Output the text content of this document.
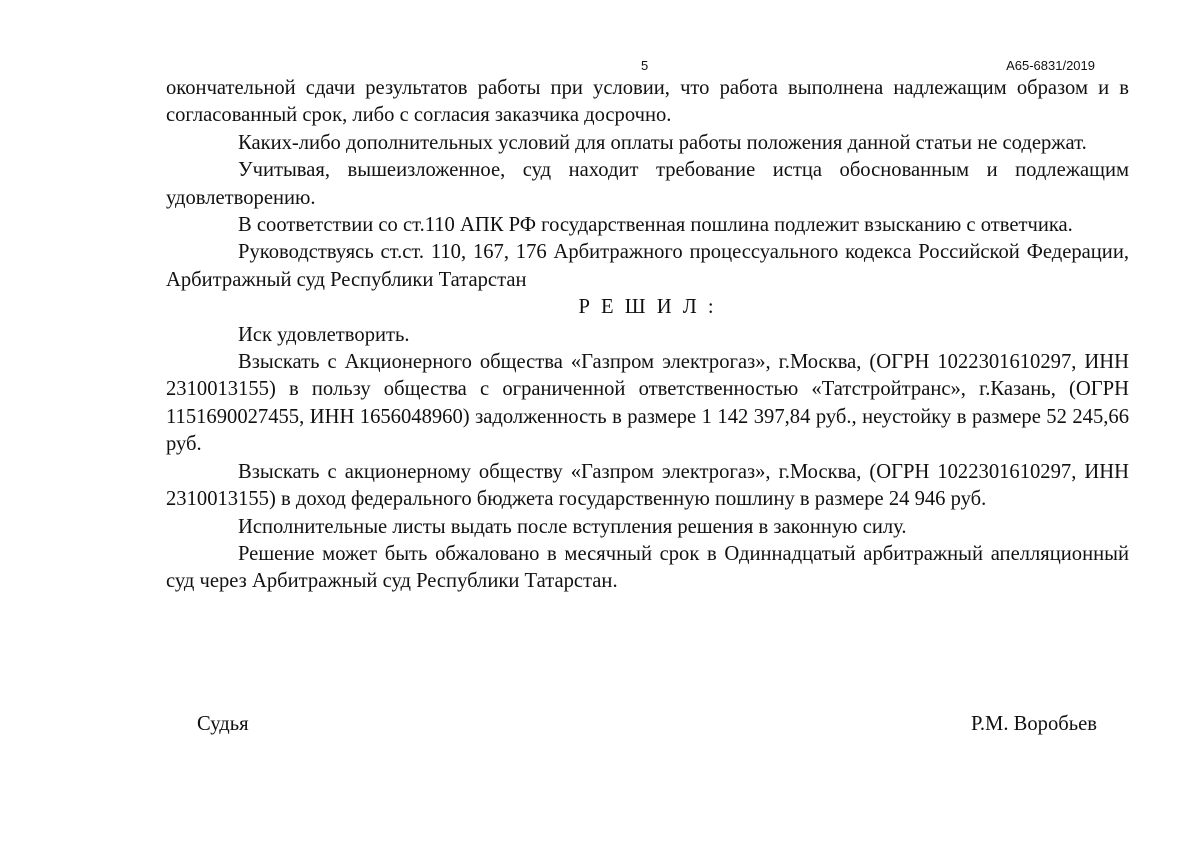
5	А65-6831/2019

окончательной сдачи результатов работы при условии, что работа выполнена надлежащим образом и в согласованный срок, либо с согласия заказчика досрочно.

Каких-либо дополнительных условий для оплаты работы положения данной статьи не содержат.

Учитывая, вышеизложенное, суд находит требование истца обоснованным и подлежащим удовлетворению.

В соответствии со ст.110 АПК РФ государственная пошлина подлежит взысканию с ответчика.

Руководствуясь ст.ст. 110, 167, 176 Арбитражного процессуального кодекса Российской Федерации, Арбитражный суд Республики Татарстан

Р Е Ш И Л :

Иск удовлетворить.

Взыскать с Акционерного общества «Газпром электрогаз», г.Москва, (ОГРН 1022301610297, ИНН 2310013155) в пользу общества с ограниченной ответственностью «Татстройтранс», г.Казань, (ОГРН 1151690027455, ИНН 1656048960) задолженность в размере 1 142 397,84 руб., неустойку в размере 52 245,66 руб.

Взыскать с акционерному обществу «Газпром электрогаз», г.Москва, (ОГРН 1022301610297, ИНН 2310013155) в доход федерального бюджета государственную пошлину в размере 24 946 руб.

Исполнительные листы выдать после вступления решения в законную силу.

Решение может быть обжаловано в месячный срок в Одиннадцатый арбитражный апелляционный суд через Арбитражный суд Республики Татарстан.

Судья	Р.М. Воробьев
